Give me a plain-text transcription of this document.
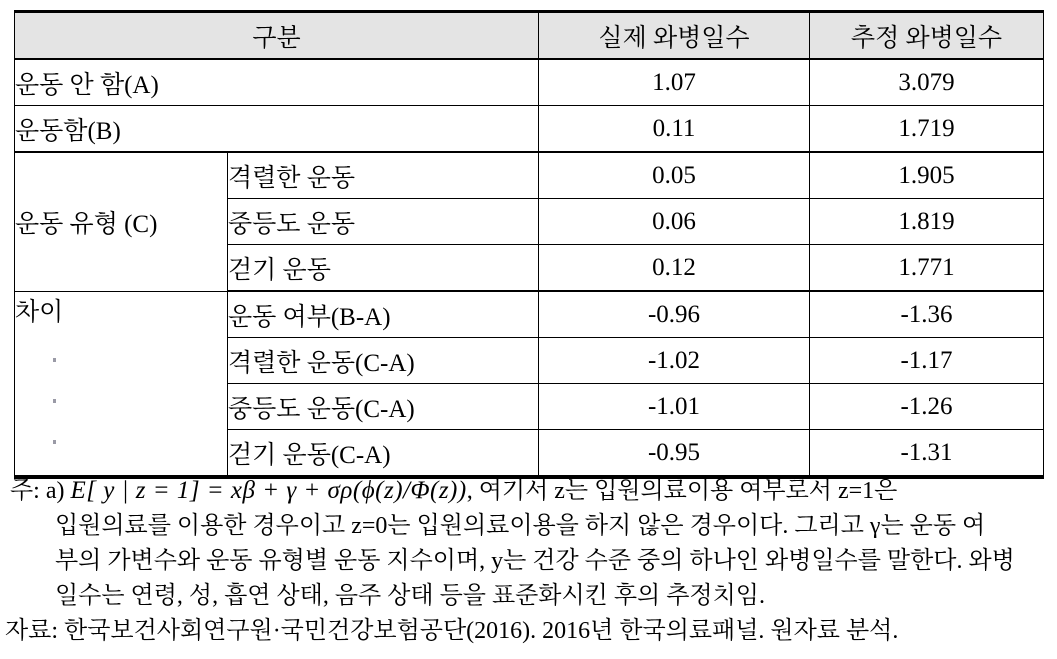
구분		실제 와병일수	추정 와병일수
운동 안 함(A)		1.07	3.079
운동함(B)		0.11	1.719
운동 유형 (C)	격렬한 운동	0.05	1.905
	중등도 운동	0.06	1.819
	걷기 운동	0.12	1.771
차이	운동 여부(B-A)	-0.96	-1.36
	격렬한 운동(C-A)	-1.02	-1.17
	중등도 운동(C-A)	-1.01	-1.26
	걷기 운동(C-A)	-0.95	-1.31
주: a) E[ y | z = 1] = xβ + γ + σρ(ϕ(z)/Φ(z)), 여기서 z는 입원의료이용 여부로서 z=1은
입원의료를 이용한 경우이고 z=0는 입원의료이용을 하지 않은 경우이다. 그리고 γ는 운동 여
부의 가변수와 운동 유형별 운동 지수이며, y는 건강 수준 중의 하나인 와병일수를 말한다. 와병
일수는 연령, 성, 흡연 상태, 음주 상태 등을 표준화시킨 후의 추정치임.
자료: 한국보건사회연구원·국민건강보험공단(2016). 2016년 한국의료패널. 원자료 분석.
